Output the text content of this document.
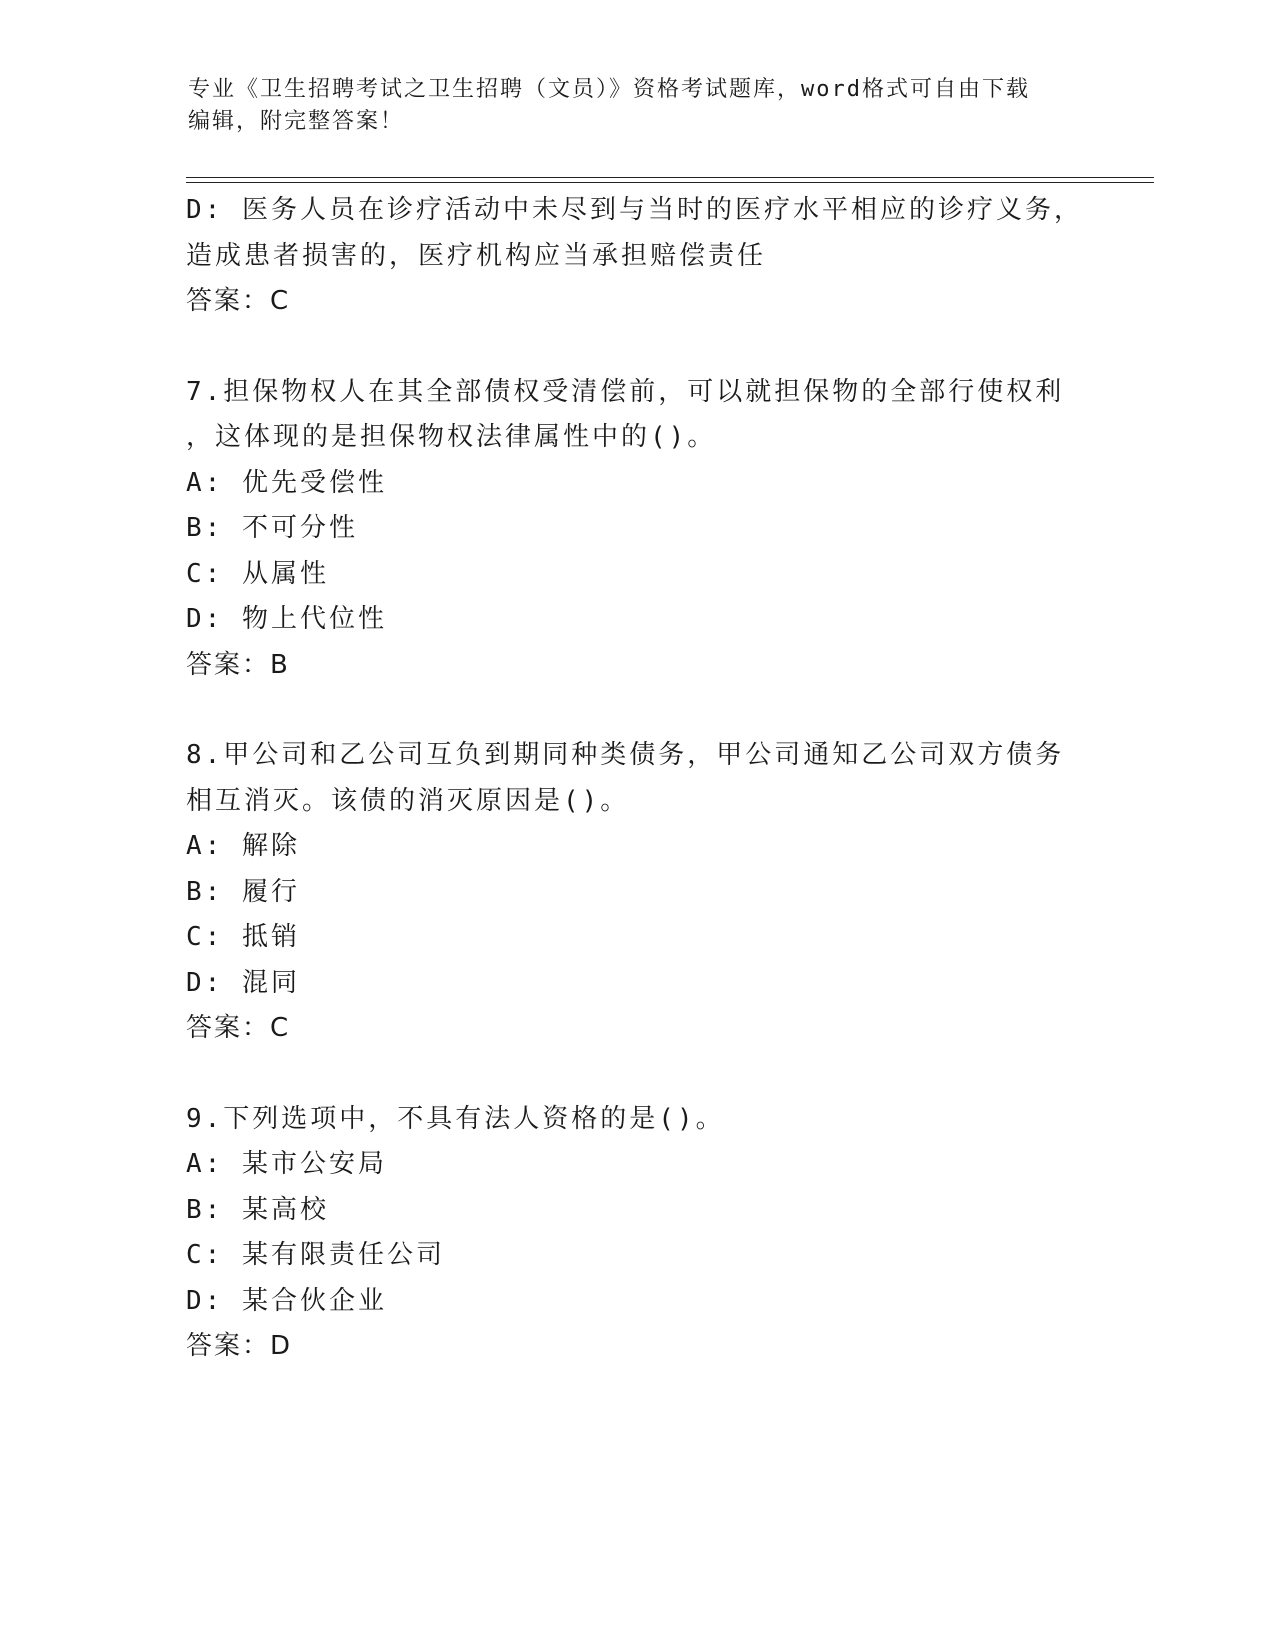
专业《卫生招聘考试之卫生招聘（文员）》资格考试题库，word格式可自由下载
编辑，附完整答案！
D: 医务人员在诊疗活动中未尽到与当时的医疗水平相应的诊疗义务，
造成患者损害的，医疗机构应当承担赔偿责任
答案：C
7.担保物权人在其全部债权受清偿前，可以就担保物的全部行使权利
，这体现的是担保物权法律属性中的()。
A: 优先受偿性
B: 不可分性
C: 从属性
D: 物上代位性
答案：B
8.甲公司和乙公司互负到期同种类债务，甲公司通知乙公司双方债务
相互消灭。该债的消灭原因是()。
A: 解除
B: 履行
C: 抵销
D: 混同
答案：C
9.下列选项中，不具有法人资格的是()。
A: 某市公安局
B: 某高校
C: 某有限责任公司
D: 某合伙企业
答案：D
